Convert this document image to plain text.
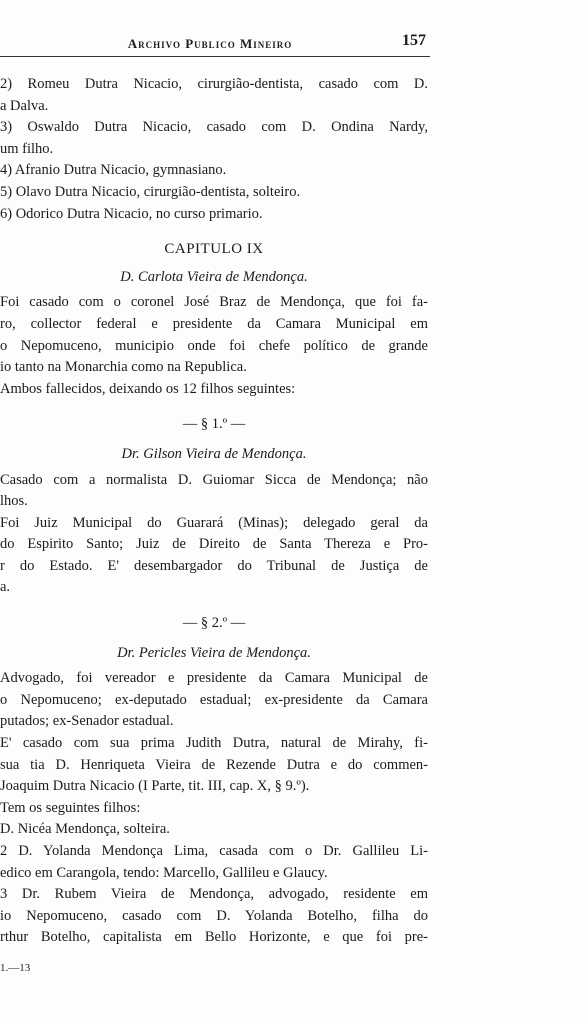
Archivo Publico Mineiro	157

2) Romeu Dutra Nicacio, cirurgião-dentista, casado com D.

a Dalva.

3) Oswaldo Dutra Nicacio, casado com D. Ondina Nardy,

um filho.

4) Afranio Dutra Nicacio, gymnasiano.

5) Olavo Dutra Nicacio, cirurgião-dentista, solteiro.

6) Odorico Dutra Nicacio, no curso primario.

CAPITULO IX

D. Carlota Vieira de Mendonça.

Foi casado com o coronel José Braz de Mendonça, que foi fa-

ro, collector federal e presidente da Camara Municipal em

o Nepomuceno, municipio onde foi chefe político de grande

io tanto na Monarchia como na Republica.

Ambos fallecidos, deixando os 12 filhos seguintes:

— § 1.º —

Dr. Gilson Vieira de Mendonça.

Casado com a normalista D. Guiomar Sicca de Mendonça; não

lhos.

Foi Juiz Municipal do Guarará (Minas); delegado geral da

do Espirito Santo; Juiz de Direito de Santa Thereza e Pro-

r do Estado. E' desembargador do Tribunal de Justiça de

a.

— § 2.º —

Dr. Pericles Vieira de Mendonça.

Advogado, foi vereador e presidente da Camara Municipal de

o Nepomuceno; ex-deputado estadual; ex-presidente da Camara

putados; ex-Senador estadual.

E' casado com sua prima Judith Dutra, natural de Mirahy, fi-

sua tia D. Henriqueta Vieira de Rezende Dutra e do commen-

Joaquim Dutra Nicacio (I Parte, tit. III, cap. X, § 9.º).

Tem os seguintes filhos:

D. Nicéa Mendonça, solteira.

2 D. Yolanda Mendonça Lima, casada com o Dr. Gallileu Li-

edico em Carangola, tendo: Marcello, Gallileu e Glaucy.

3 Dr. Rubem Vieira de Mendonça, advogado, residente em

io Nepomuceno, casado com D. Yolanda Botelho, filha do

rthur Botelho, capitalista em Bello Horizonte, e que foi pre-

1.—13
